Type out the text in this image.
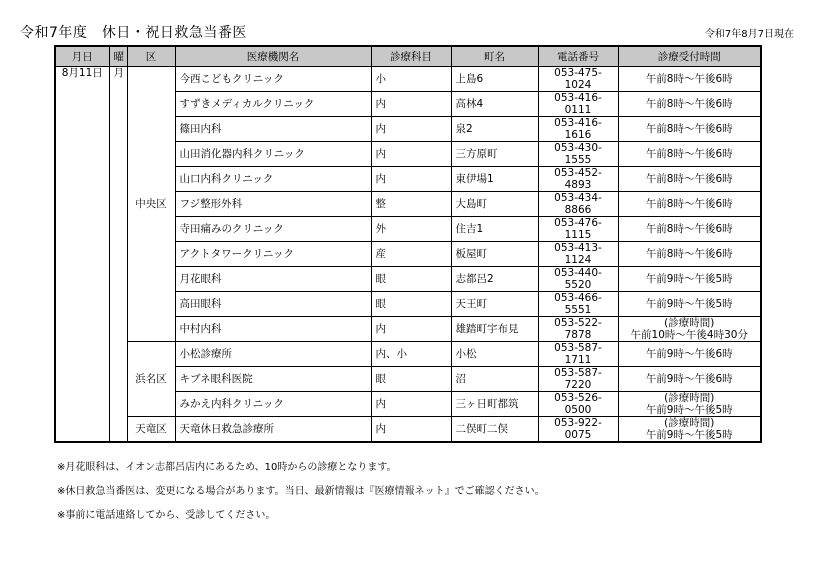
令和7年度　休日・祝日救急当番医	令和7年8月7日現在
月日	曜	区	医療機関名	診療科目	町名	電話番号	診療受付時間
8月11日	月	中央区	今西こどもクリニック	小	上島6	053-475-1024	午前8時～午後6時
			すずきメディカルクリニック	内	高林4	053-416-0111	午前8時～午後6時
			篠田内科	内	泉2	053-416-1616	午前8時～午後6時
			山田消化器内科クリニック	内	三方原町	053-430-1555	午前8時～午後6時
			山口内科クリニック	内	東伊場1	053-452-4893	午前8時～午後6時
			フジ整形外科	整	大島町	053-434-8866	午前8時～午後6時
			寺田痛みのクリニック	外	住吉1	053-476-1115	午前8時～午後6時
			アクトタワークリニック	産	板屋町	053-413-1124	午前8時～午後6時
			月花眼科	眼	志都呂2	053-440-5520	午前9時～午後5時
			高田眼科	眼	天王町	053-466-5551	午前9時～午後5時
			中村内科	内	雄踏町宇布見	053-522-7878	(診療時間)
午前10時～午後4時30分

		浜名区	小松診療所	内、小	小松	053-587-1711	午前9時～午後6時
			キブネ眼科医院	眼	沼	053-587-7220	午前9時～午後6時
			みかえ内科クリニック	内	三ヶ日町都筑	053-526-0500	(診療時間)
午前9時～午後5時

		天竜区	天竜休日救急診療所	内	二俣町二俣	053-922-0075	(診療時間)
午前9時～午後5時

※月花眼科は、イオン志都呂店内にあるため、10時からの診療となります。

※休日救急当番医は、変更になる場合があります。当日、最新情報は『医療情報ネット』でご確認ください。

※事前に電話連絡してから、受診してください。
